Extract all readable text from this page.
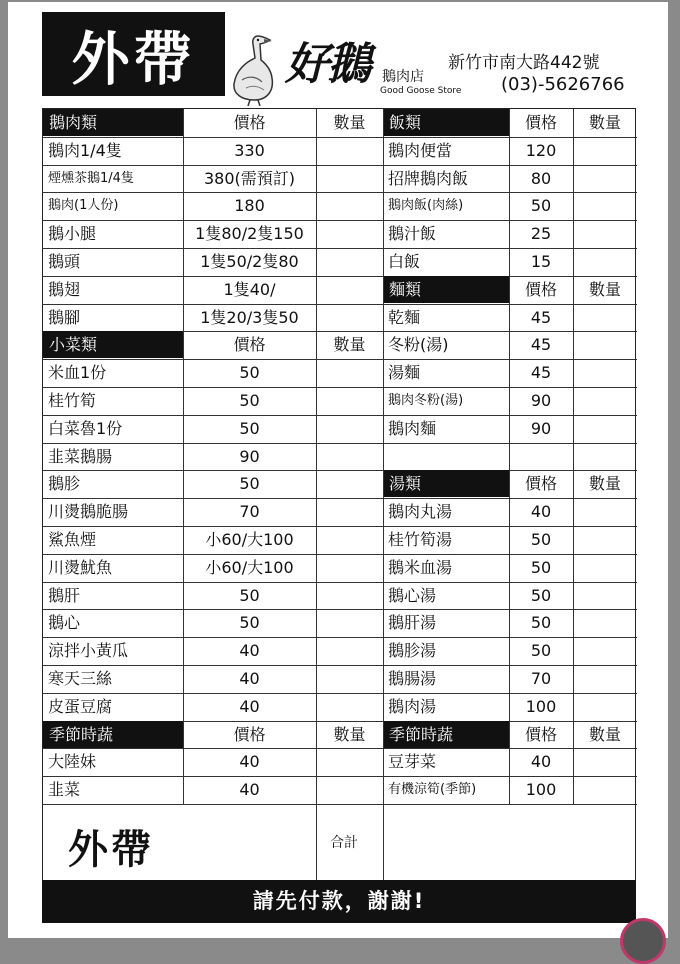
外帶	好鵝 鵝肉店
Good Goose Store
新竹市南大路442號
(03)-5626766
鵝肉類	價格	數量
鵝肉1/4隻	330
煙燻茶鵝1/4隻	380(需預訂)
鵝肉(1人份)	180
鵝小腿	1隻80/2隻150
鵝頭	1隻50/2隻80
鵝翅	1隻40/
鵝腳	1隻20/3隻50
小菜類	價格	數量
米血1份	50
桂竹筍	50
白菜魯1份	50
韭菜鵝腸	90
鵝胗	50
川燙鵝脆腸	70
鯊魚煙	小60/大100
川燙魷魚	小60/大100
鵝肝	50
鵝心	50
涼拌小黃瓜	40
寒天三絲	40
皮蛋豆腐	40
季節時蔬	價格	數量
大陸妹	40
韭菜	40
飯類	價格	數量
鵝肉便當	120
招牌鵝肉飯	80
鵝肉飯(肉絲)	50
鵝汁飯	25
白飯	15
麵類	價格	數量
乾麵	45
冬粉(湯)	45
湯麵	45
鵝肉冬粉(湯)	90
鵝肉麵	90
湯類	價格	數量
鵝肉丸湯	40
桂竹筍湯	50
鵝米血湯	50
鵝心湯	50
鵝肝湯	50
鵝胗湯	50
鵝腸湯	70
鵝肉湯	100
季節時蔬	價格	數量
豆芽菜	40
有機涼筍(季節)	100
外帶	合計
請先付款，謝謝!
